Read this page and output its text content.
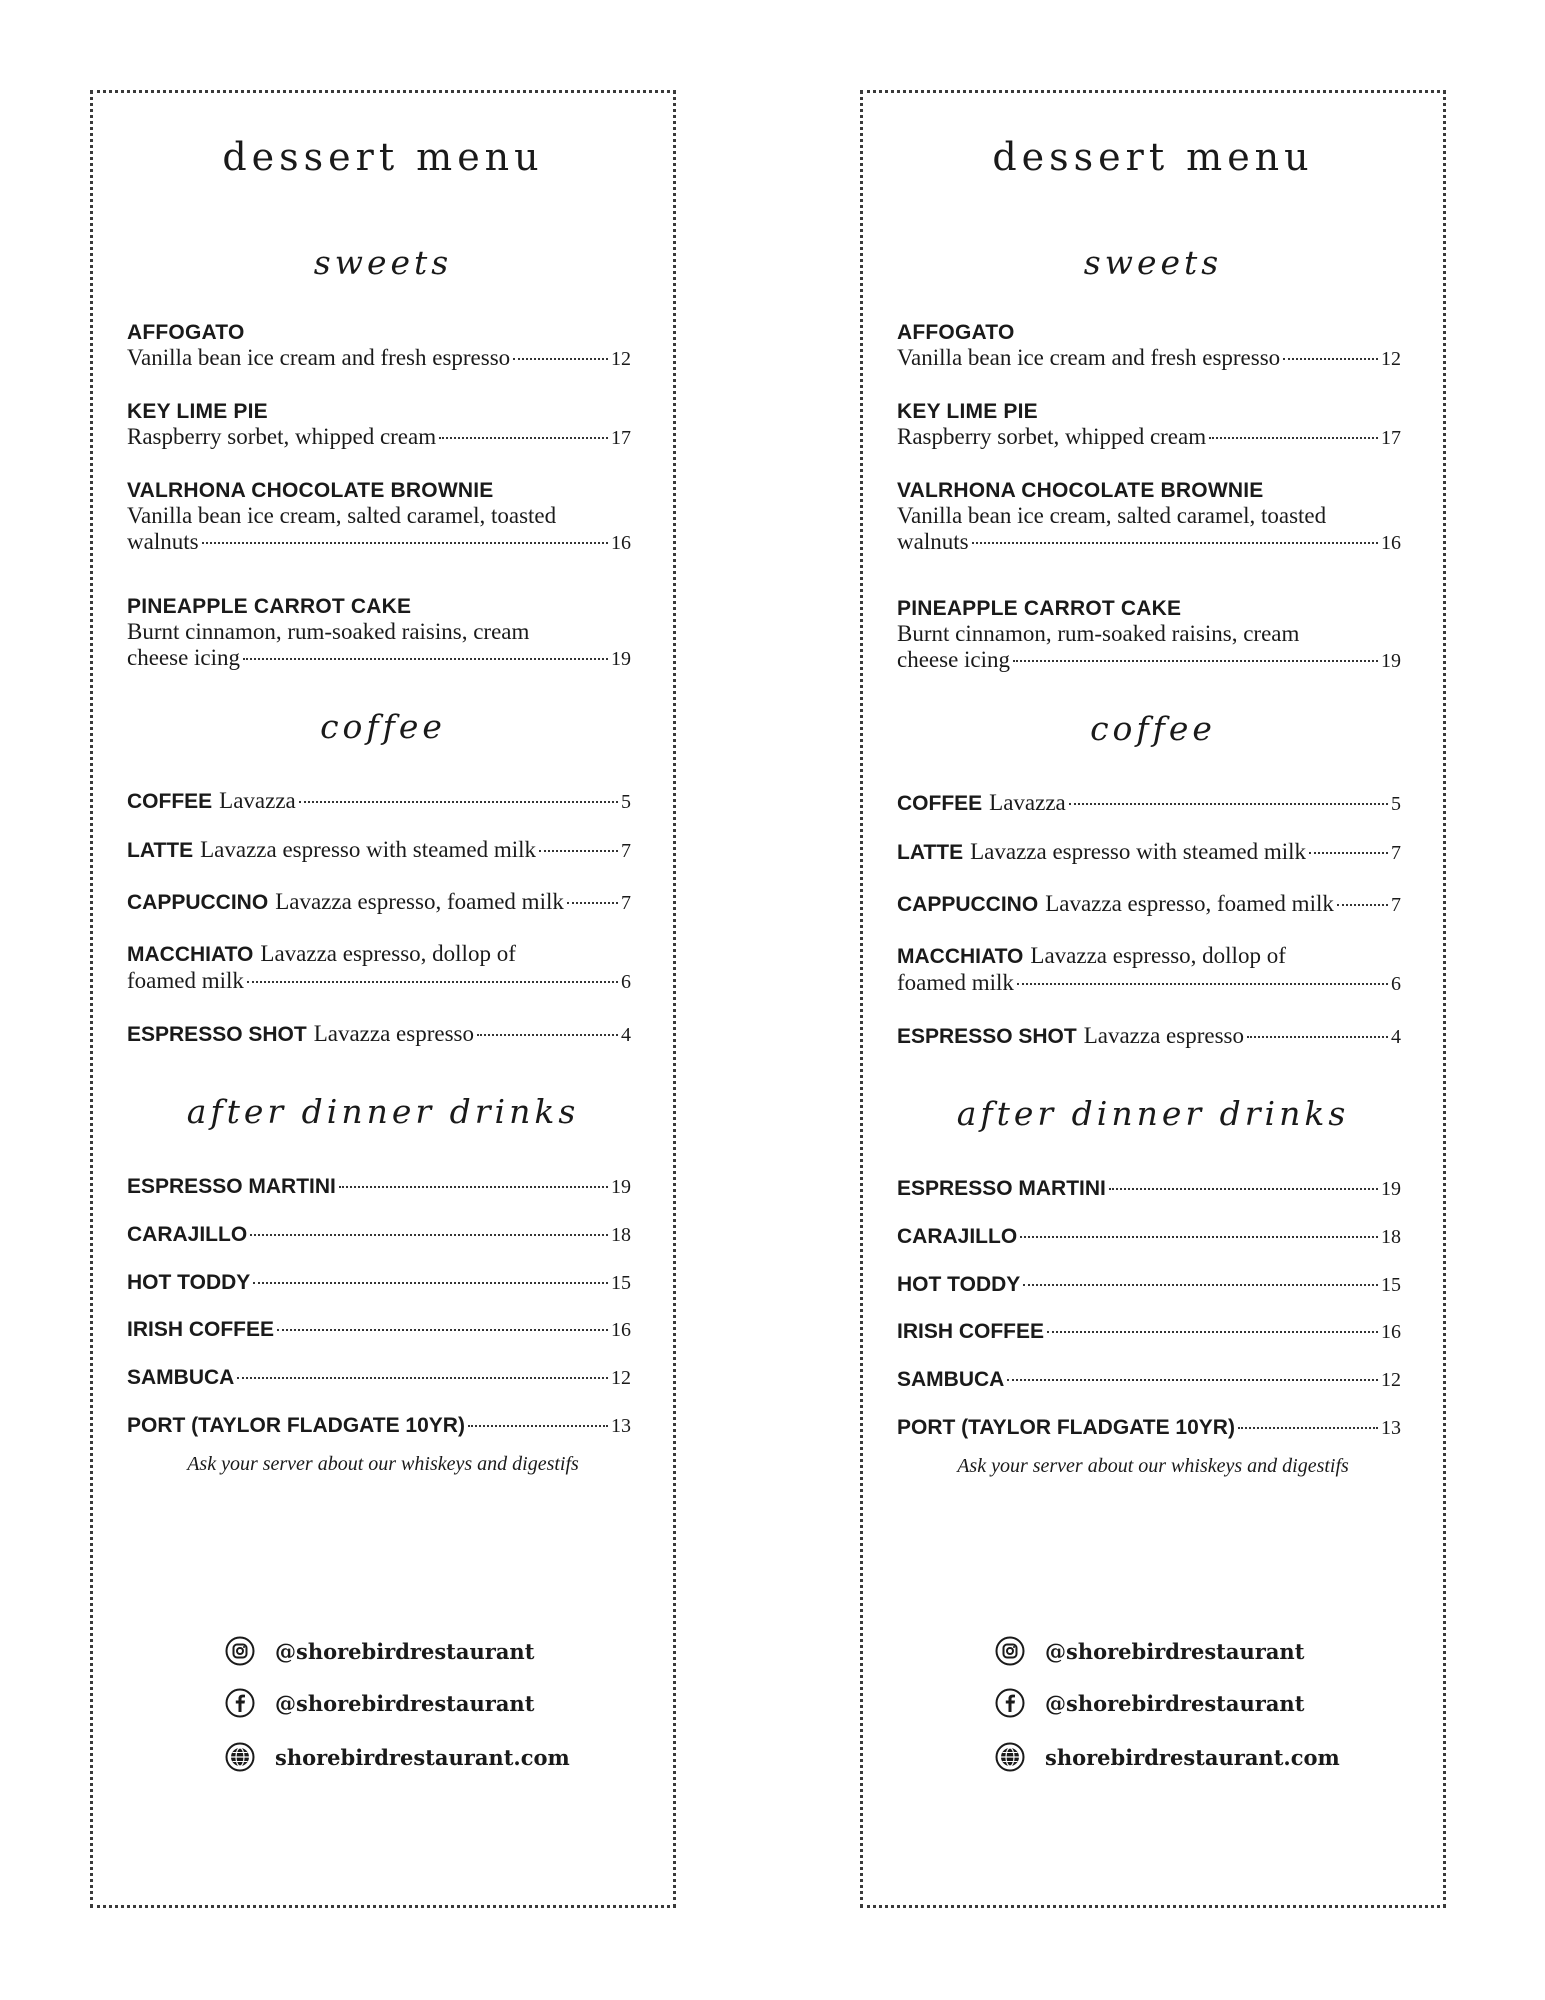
dessert menu
sweets
AFFOGATO
Vanilla bean ice cream and fresh espresso	12
KEY LIME PIE
Raspberry sorbet, whipped cream	17
VALRHONA CHOCOLATE BROWNIE
Vanilla bean ice cream, salted caramel, toasted
walnuts	16
PINEAPPLE CARROT CAKE
Burnt cinnamon, rum-soaked raisins, cream
cheese icing	19
coffee
COFFEE Lavazza	5
LATTE Lavazza espresso with steamed milk	7
CAPPUCCINO Lavazza espresso, foamed milk	7
MACCHIATO Lavazza espresso, dollop of
foamed milk	6
ESPRESSO SHOT Lavazza espresso	4
after dinner drinks
ESPRESSO MARTINI	19
CARAJILLO	18
HOT TODDY	15
IRISH COFFEE	16
SAMBUCA	12
PORT (TAYLOR FLADGATE 10YR)	13
Ask your server about our whiskeys and digestifs
@shorebirdrestaurant
@shorebirdrestaurant
shorebirdrestaurant.com
dessert menu
sweets
AFFOGATO
Vanilla bean ice cream and fresh espresso	12
KEY LIME PIE
Raspberry sorbet, whipped cream	17
VALRHONA CHOCOLATE BROWNIE
Vanilla bean ice cream, salted caramel, toasted
walnuts	16
PINEAPPLE CARROT CAKE
Burnt cinnamon, rum-soaked raisins, cream
cheese icing	19
coffee
COFFEE Lavazza	5
LATTE Lavazza espresso with steamed milk	7
CAPPUCCINO Lavazza espresso, foamed milk	7
MACCHIATO Lavazza espresso, dollop of
foamed milk	6
ESPRESSO SHOT Lavazza espresso	4
after dinner drinks
ESPRESSO MARTINI	19
CARAJILLO	18
HOT TODDY	15
IRISH COFFEE	16
SAMBUCA	12
PORT (TAYLOR FLADGATE 10YR)	13
Ask your server about our whiskeys and digestifs
@shorebirdrestaurant
@shorebirdrestaurant
shorebirdrestaurant.com
